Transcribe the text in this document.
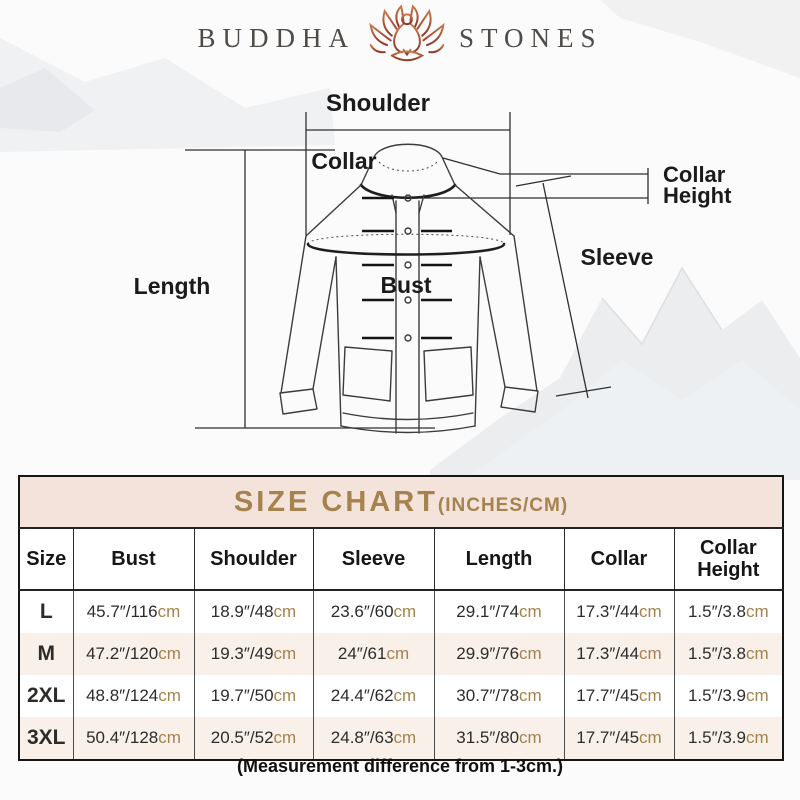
BUDDHA	STONES
Shoulder
Collar
Collar
Height
Sleeve
Length	Bust
SIZE CHART(INCHES/CM)						
Size	Bust	Shoulder	Sleeve	Length	Collar	Collar Height
L	45.7″/116cm	18.9″/48cm	23.6″/60cm	29.1″/74cm	17.3″/44cm	1.5″/3.8cm
M	47.2″/120cm	19.3″/49cm	24″/61cm	29.9″/76cm	17.3″/44cm	1.5″/3.8cm
2XL	48.8″/124cm	19.7″/50cm	24.4″/62cm	30.7″/78cm	17.7″/45cm	1.5″/3.9cm
3XL	50.4″/128cm	20.5″/52cm	24.8″/63cm	31.5″/80cm	17.7″/45cm	1.5″/3.9cm
(Measurement difference from 1-3cm.)
